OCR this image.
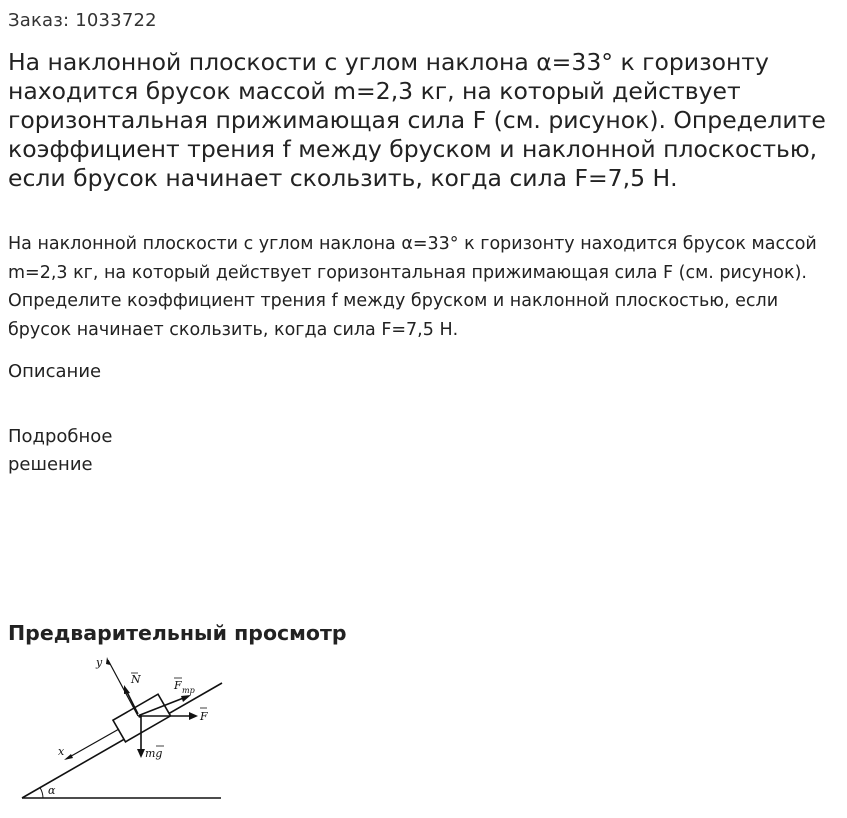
Заказ: 1033722
На наклонной плоскости с углом наклона α=33° к горизонту находится брусок массой m=2,3 кг, на который действует горизонтальная прижимающая сила F (см. рисунок). Определите коэффициент трения f между бруском и наклонной плоскостью, если брусок начинает скользить, когда сила F=7,5 Н.

На наклонной плоскости с углом наклона α=33° к горизонту находится брусок массой m=2,3 кг, на который действует горизонтальная прижимающая сила F (см. рисунок). Определите коэффициент трения f между бруском и наклонной плоскостью, если брусок начинает скользить, когда сила F=7,5 Н.

Описание
Подробное решение
Предварительный просмотр
α
x
y
N	F тр
F
mg
